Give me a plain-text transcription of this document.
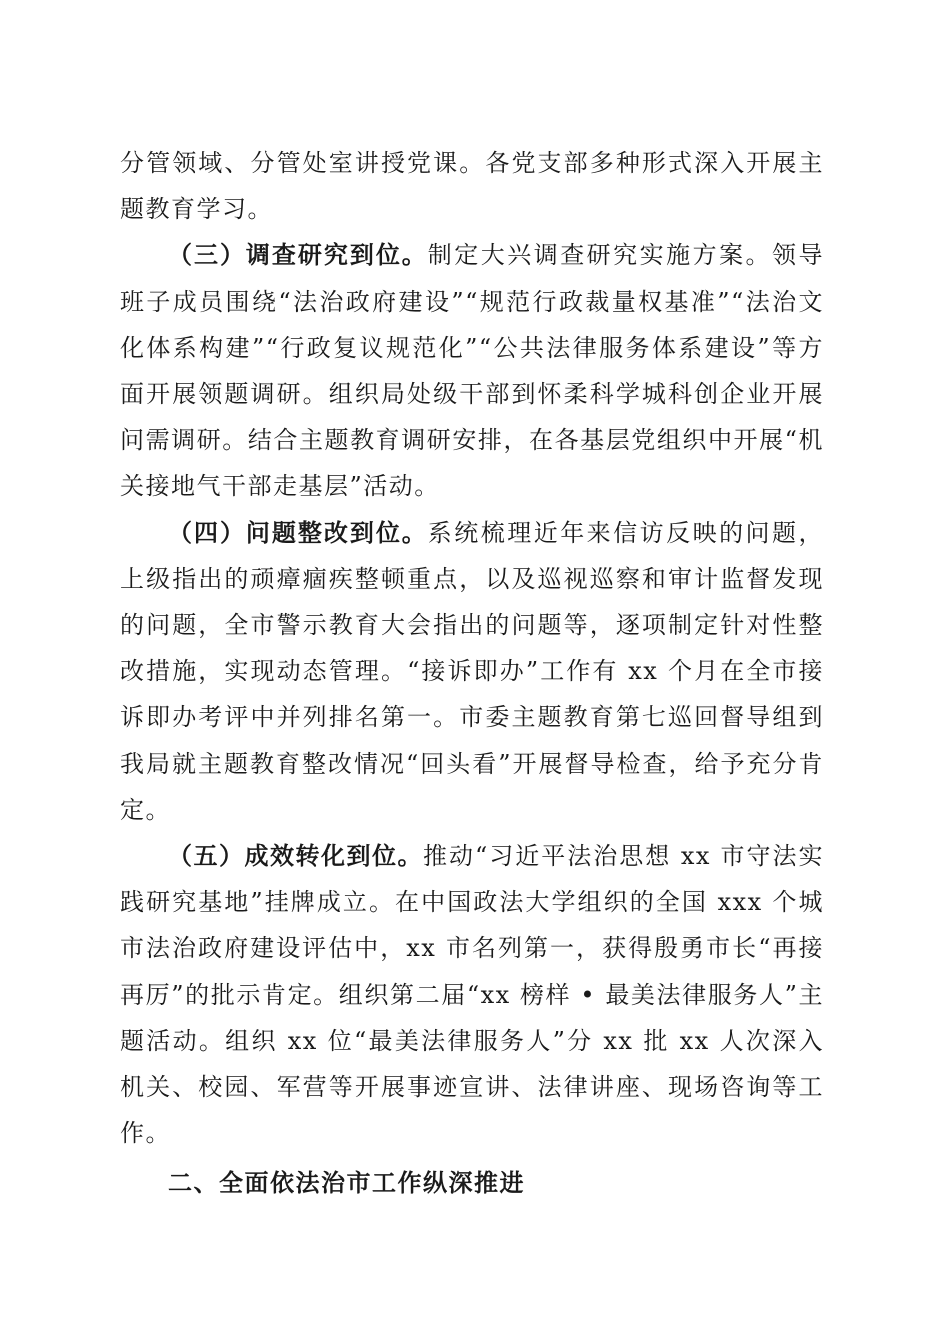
分管领域、分管处室讲授党课。各党支部多种形式深入开展主题教育学习。

（三）调查研究到位。制定大兴调查研究实施方案。领导班子成员围绕“法治政府建设”“规范行政裁量权基准”“法治文化体系构建”“行政复议规范化”“公共法律服务体系建设”等方面开展领题调研。组织局处级干部到怀柔科学城科创企业开展问需调研。结合主题教育调研安排，在各基层党组织中开展“机关接地气干部走基层”活动。

（四）问题整改到位。系统梳理近年来信访反映的问题，上级指出的顽瘴痼疾整顿重点，以及巡视巡察和审计监督发现的问题，全市警示教育大会指出的问题等，逐项制定针对性整改措施，实现动态管理。“接诉即办”工作有 xx 个月在全市接诉即办考评中并列排名第一。市委主题教育第七巡回督导组到我局就主题教育整改情况“回头看”开展督导检查，给予充分肯定。

（五）成效转化到位。推动“习近平法治思想 xx 市守法实践研究基地”挂牌成立。在中国政法大学组织的全国 xxx 个城市法治政府建设评估中，xx 市名列第一，获得殷勇市长“再接再厉”的批示肯定。组织第二届“xx 榜样 • 最美法律服务人”主题活动。组织 xx 位“最美法律服务人”分 xx 批 xx 人次深入机关、校园、军营等开展事迹宣讲、法律讲座、现场咨询等工作。

二、全面依法治市工作纵深推进
